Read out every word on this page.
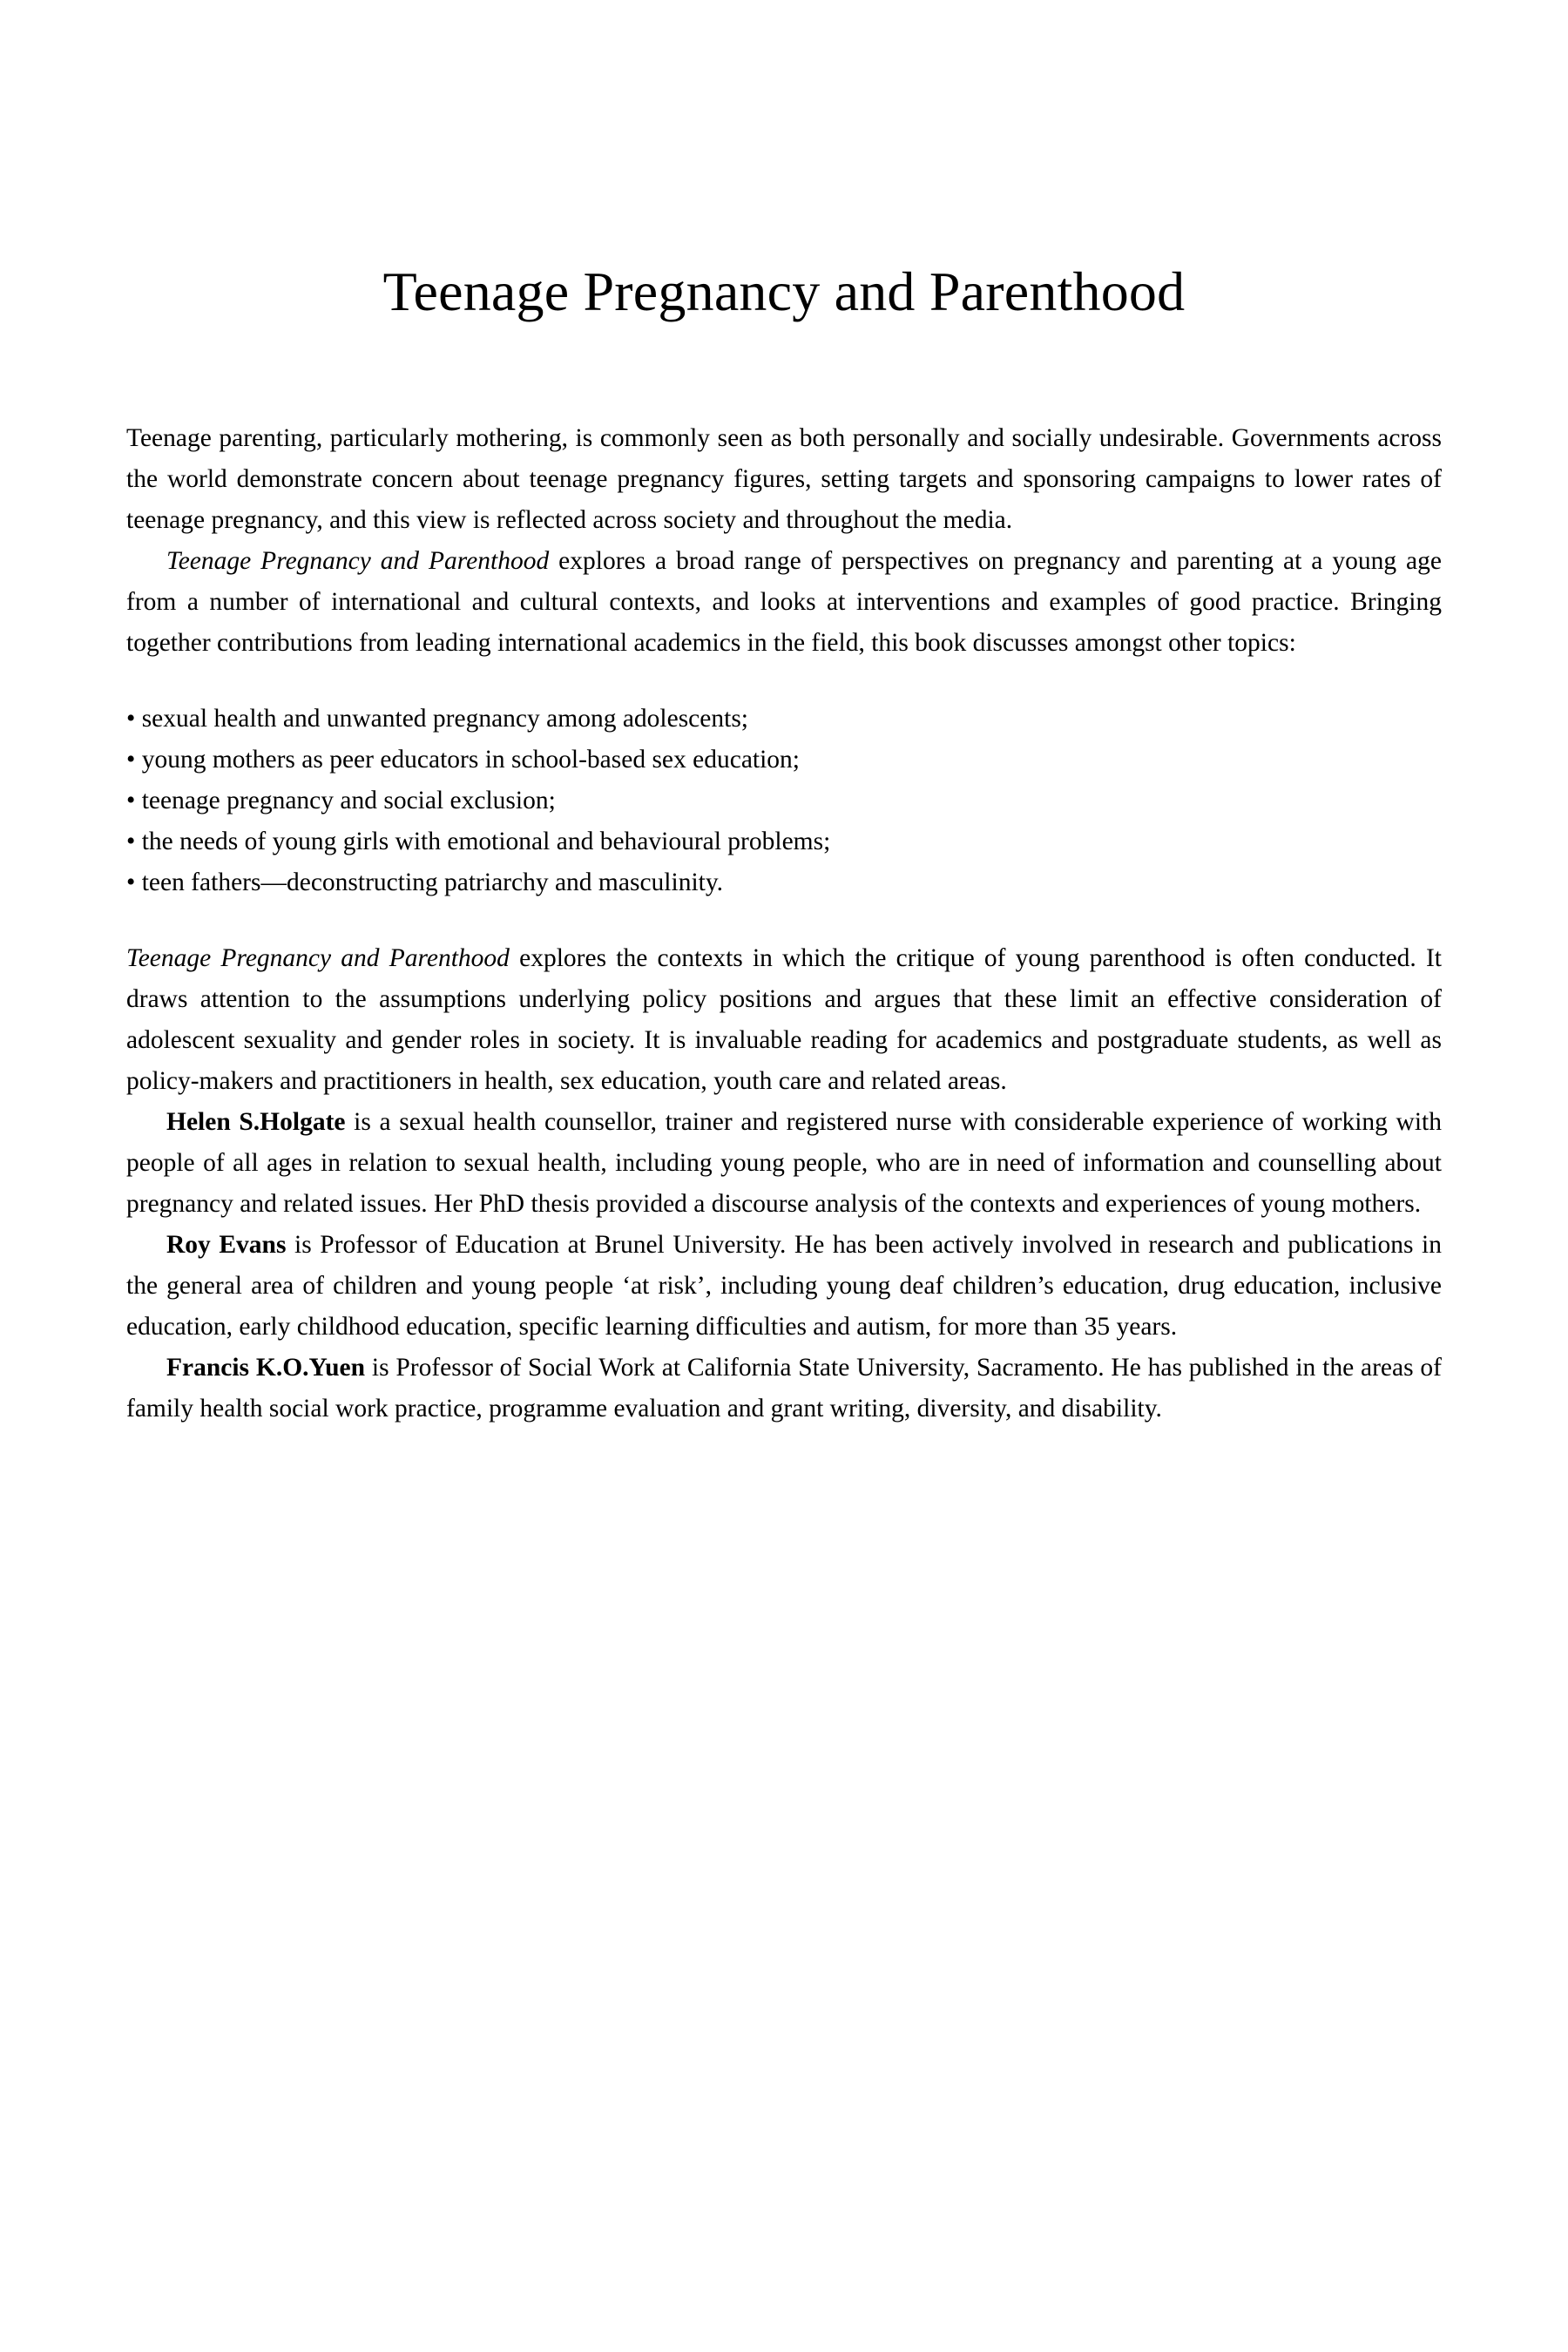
Teenage Pregnancy and Parenthood

Teenage parenting, particularly mothering, is commonly seen as both personally and socially undesirable. Governments across the world demonstrate concern about teenage pregnancy figures, setting targets and sponsoring campaigns to lower rates of teenage pregnancy, and this view is reflected across society and throughout the media.

Teenage Pregnancy and Parenthood explores a broad range of perspectives on pregnancy and parenting at a young age from a number of international and cultural contexts, and looks at interventions and examples of good practice. Bringing together contributions from leading international academics in the field, this book discusses amongst other topics:

• sexual health and unwanted pregnancy among adolescents;
• young mothers as peer educators in school-based sex education;
• teenage pregnancy and social exclusion;
• the needs of young girls with emotional and behavioural problems;
• teen fathers—deconstructing patriarchy and masculinity.

Teenage Pregnancy and Parenthood explores the contexts in which the critique of young parenthood is often conducted. It draws attention to the assumptions underlying policy positions and argues that these limit an effective consideration of adolescent sexuality and gender roles in society. It is invaluable reading for academics and postgraduate students, as well as policy-makers and practitioners in health, sex education, youth care and related areas.

Helen S.Holgate is a sexual health counsellor, trainer and registered nurse with considerable experience of working with people of all ages in relation to sexual health, including young people, who are in need of information and counselling about pregnancy and related issues. Her PhD thesis provided a discourse analysis of the contexts and experiences of young mothers.

Roy Evans is Professor of Education at Brunel University. He has been actively involved in research and publications in the general area of children and young people ‘at risk’, including young deaf children’s education, drug education, inclusive education, early childhood education, specific learning difficulties and autism, for more than 35 years.

Francis K.O.Yuen is Professor of Social Work at California State University, Sacramento. He has published in the areas of family health social work practice, programme evaluation and grant writing, diversity, and disability.
